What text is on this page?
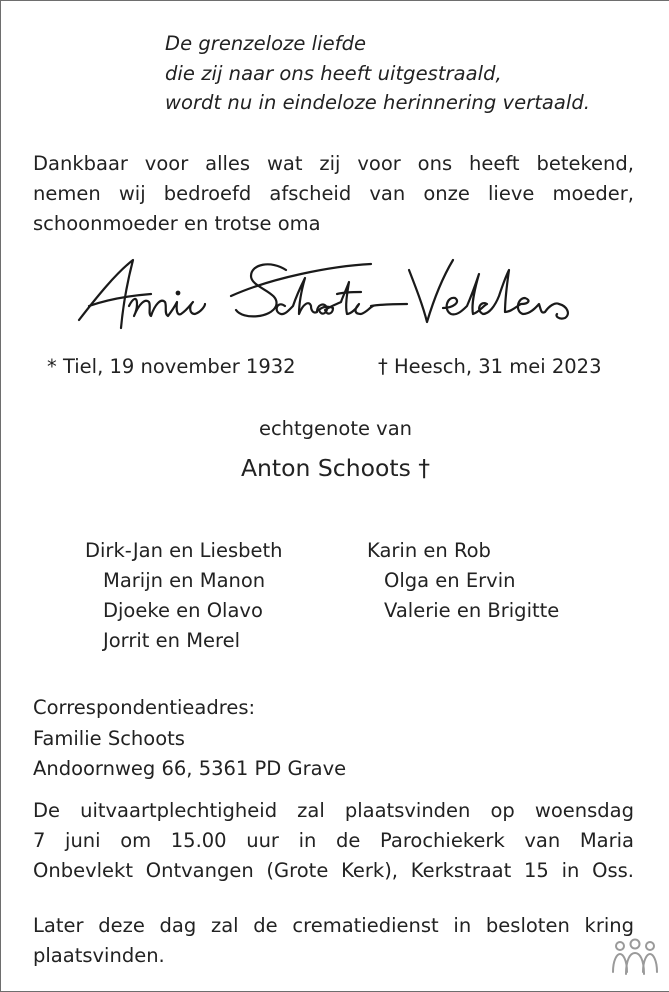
De grenzeloze liefde
die zij naar ons heeft uitgestraald,
wordt nu in eindeloze herinnering vertaald.
Dankbaar voor alles wat zij voor ons heeft betekend,
nemen wij bedroefd afscheid van onze lieve moeder,
schoonmoeder en trotse oma
* Tiel, 19 november 1932	† Heesch, 31 mei 2023
echtgenote van
Anton Schoots †
Dirk-Jan en Liesbeth
Marijn en Manon
Djoeke en Olavo
Jorrit en Merel
Karin en Rob
Olga en Ervin
Valerie en Brigitte
Correspondentieadres:
Familie Schoots
Andoornweg 66, 5361 PD Grave
De uitvaartplechtigheid zal plaatsvinden op woensdag
7 juni om 15.00 uur in de Parochiekerk van Maria
Onbevlekt Ontvangen (Grote Kerk), Kerkstraat 15 in Oss.
Later deze dag zal de crematiedienst in besloten kring
plaatsvinden.
